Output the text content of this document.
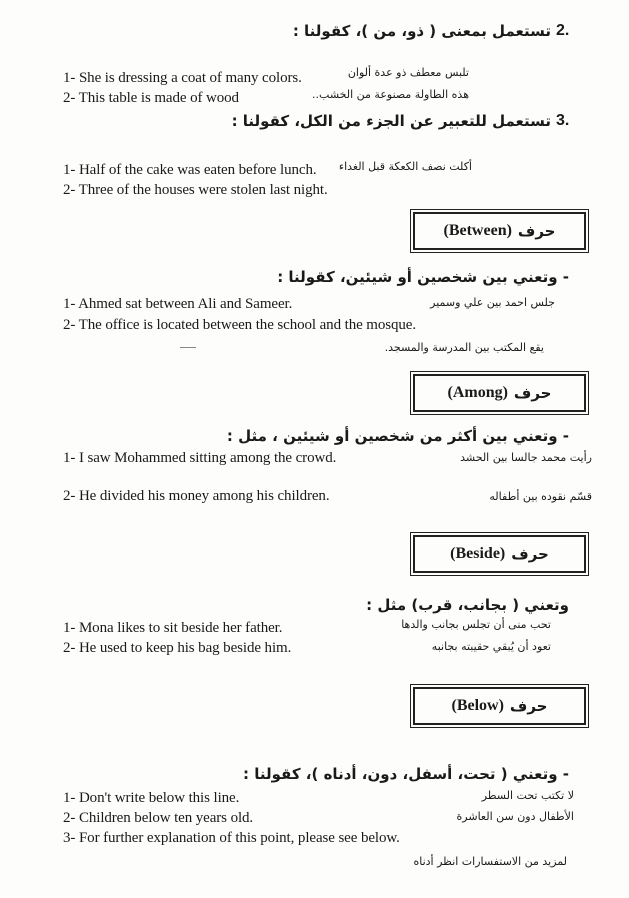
2.
تستعمل بمعنى ( ذو، من )، كقولنا :
1- She is dressing a coat of many colors.	تلبس معطف ذو عدة ألوان
2- This table is made of wood	هذه الطاولة مصنوعة من الخشب..
3.
تستعمل للتعبير عن الجزء من الكل، كقولنا :
1- Half of the cake was eaten before lunch. أكلت نصف الكعكة قبل الغداء
2- Three of the houses were stolen last night.
(Between) حرف
- وتعني بين شخصين أو شيئين، كقولنا :
1- Ahmed sat between Ali and Sameer.	جلس احمد بين علي وسمير
2- The office is located between the school and the mosque.
يقع المكتب بين المدرسة والمسجد.
(Among) حرف
- وتعني بين أكثر من شخصين أو شيئين ، مثل :
1- I saw Mohammed sitting among the crowd.	رأيت محمد جالسا بين الحشد
2- He divided his money among his children.	قسّم نقوده بين أطفاله
(Beside) حرف
وتعني ( بجانب، قرب) مثل :
1- Mona likes to sit beside her father.	تحب منى أن تجلس بجانب والدها
2- He used to keep his bag beside him.	تعود أن يُبقي حقيبته بجانبه
(Below) حرف
- وتعني ( تحت، أسفل، دون، أدناه )، كقولنا :
1- Don't write below this line.	لا تكتب تحت السطر
2- Children below ten years old.	الأطفال دون سن العاشرة
3- For further explanation of this point, please see below.
لمزيد من الاستفسارات انظر أدناه
